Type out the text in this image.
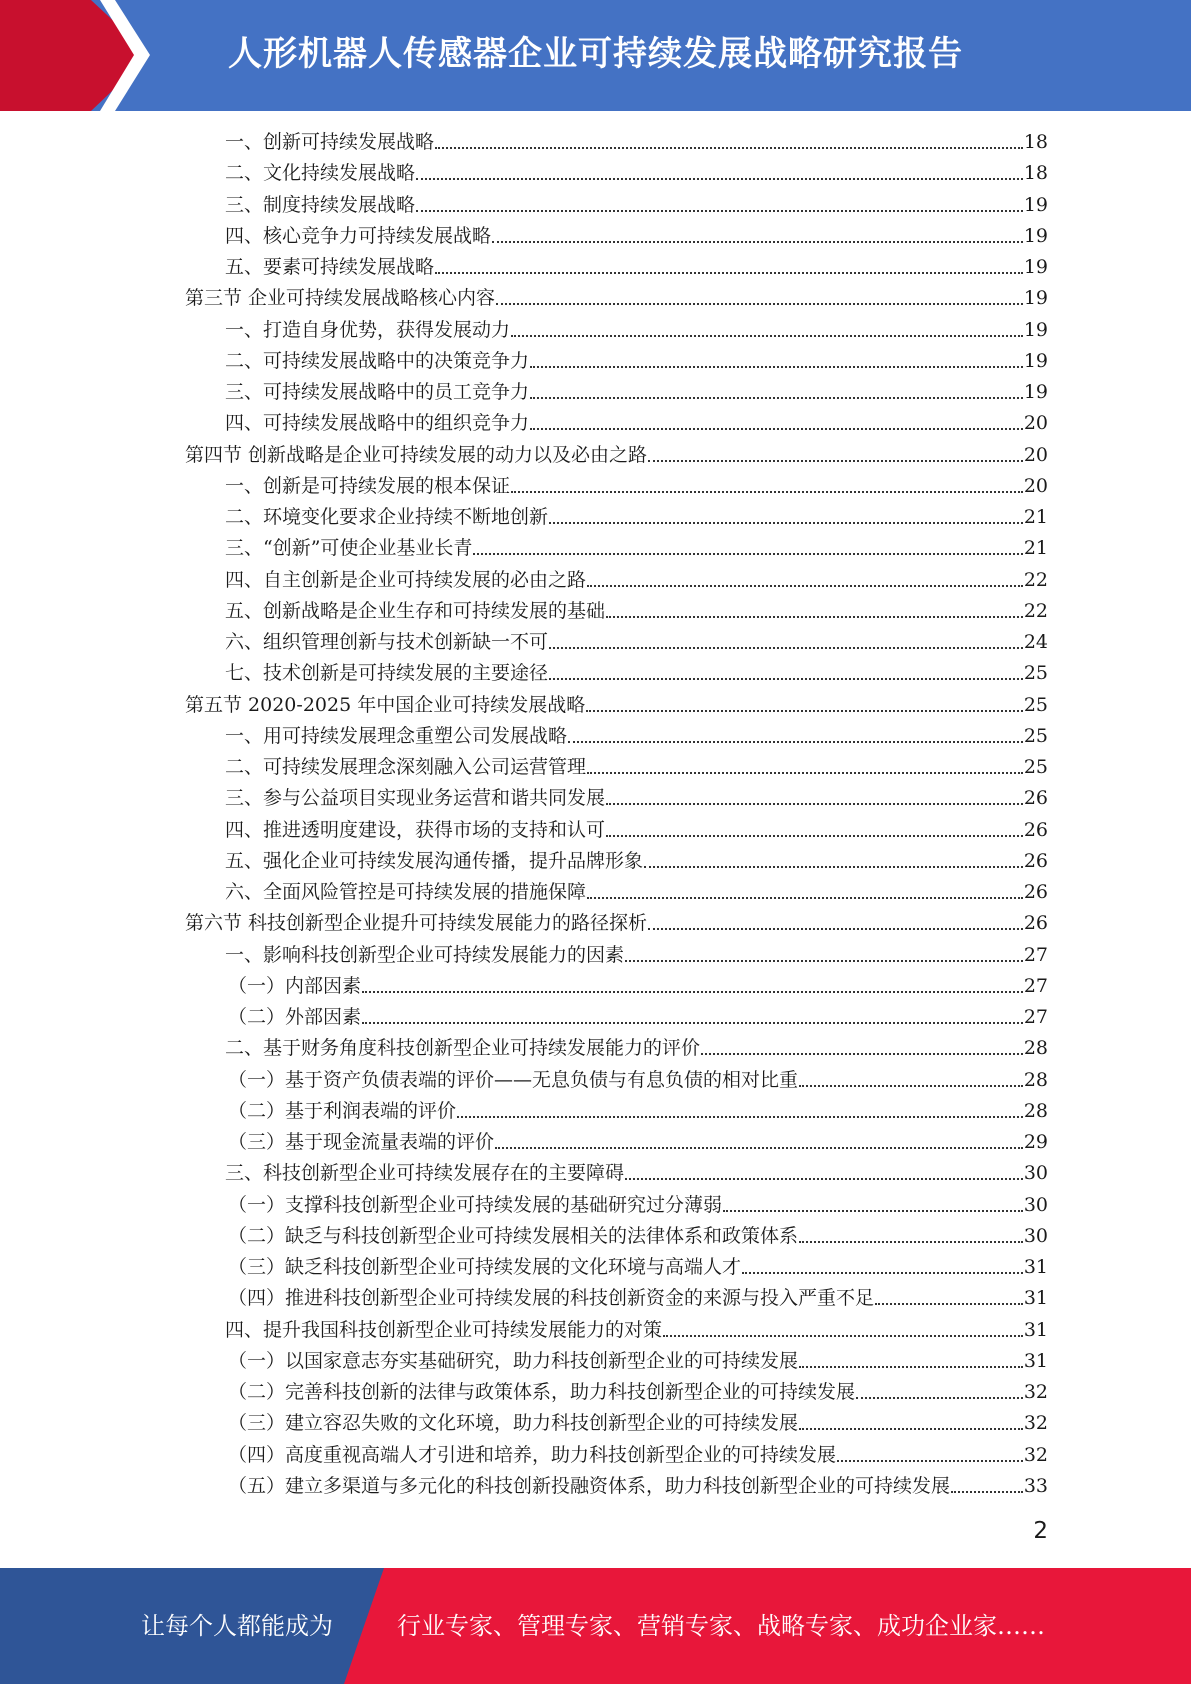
人形机器人传感器企业可持续发展战略研究报告
一、创新可持续发展战略	18
二、文化持续发展战略	18
三、制度持续发展战略	19
四、核心竞争力可持续发展战略	19
五、要素可持续发展战略	19
第三节 企业可持续发展战略核心内容	19
一、打造自身优势，获得发展动力	19
二、可持续发展战略中的决策竞争力	19
三、可持续发展战略中的员工竞争力	19
四、可持续发展战略中的组织竞争力	20
第四节 创新战略是企业可持续发展的动力以及必由之路	20
一、创新是可持续发展的根本保证	20
二、环境变化要求企业持续不断地创新	21
三、“创新”可使企业基业长青	21
四、自主创新是企业可持续发展的必由之路	22
五、创新战略是企业生存和可持续发展的基础	22
六、组织管理创新与技术创新缺一不可	24
七、技术创新是可持续发展的主要途径	25
第五节 2020-2025 年中国企业可持续发展战略	25
一、用可持续发展理念重塑公司发展战略	25
二、可持续发展理念深刻融入公司运营管理	25
三、参与公益项目实现业务运营和谐共同发展	26
四、推进透明度建设，获得市场的支持和认可	26
五、强化企业可持续发展沟通传播，提升品牌形象	26
六、全面风险管控是可持续发展的措施保障	26
第六节 科技创新型企业提升可持续发展能力的路径探析	26
一、影响科技创新型企业可持续发展能力的因素	27
（一）内部因素	27
（二）外部因素	27
二、基于财务角度科技创新型企业可持续发展能力的评价	28
（一）基于资产负债表端的评价——无息负债与有息负债的相对比重	28
（二）基于利润表端的评价	28
（三）基于现金流量表端的评价	29
三、科技创新型企业可持续发展存在的主要障碍	30
（一）支撑科技创新型企业可持续发展的基础研究过分薄弱	30
（二）缺乏与科技创新型企业可持续发展相关的法律体系和政策体系	30
（三）缺乏科技创新型企业可持续发展的文化环境与高端人才	31
（四）推进科技创新型企业可持续发展的科技创新资金的来源与投入严重不足	31
四、提升我国科技创新型企业可持续发展能力的对策	31
（一）以国家意志夯实基础研究，助力科技创新型企业的可持续发展	31
（二）完善科技创新的法律与政策体系，助力科技创新型企业的可持续发展	32
（三）建立容忍失败的文化环境，助力科技创新型企业的可持续发展	32
（四）高度重视高端人才引进和培养，助力科技创新型企业的可持续发展	32
（五）建立多渠道与多元化的科技创新投融资体系，助力科技创新型企业的可持续发展	33
2
让每个人都能成为	行业专家、管理专家、营销专家、战略专家、成功企业家……
